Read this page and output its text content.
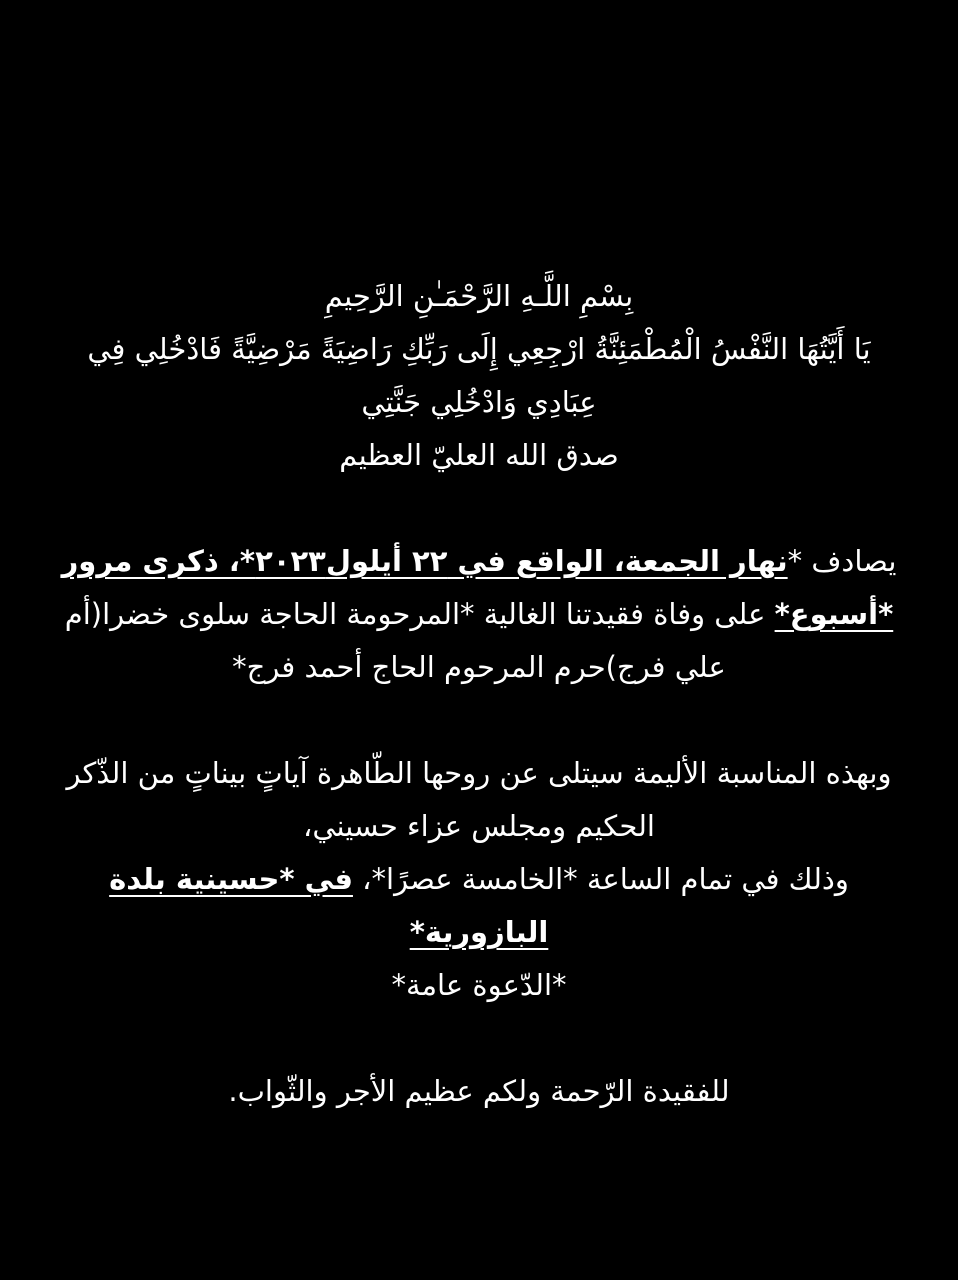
بِسْمِ اللَّـهِ الرَّحْمَـٰنِ الرَّحِيمِ
يَا أَيَّتُهَا النَّفْسُ الْمُطْمَئِنَّةُ ارْجِعِي إِلَى رَبِّكِ رَاضِيَةً مَرْضِيَّةً فَادْخُلِي فِي
عِبَادِي وَادْخُلِي جَنَّتِي
صدق الله العليّ العظيم
يصادف *نهار الجمعة، الواقع في ٢٢ أيلول٢٠٢٣*، ذكرى مرور
*أسبوع* على وفاة فقيدتنا الغالية *المرحومة الحاجة سلوى خضرا(أم
علي فرج)حرم المرحوم الحاج أحمد فرج*
وبهذه المناسبة الأليمة سيتلى عن روحها الطّاهرة آياتٍ بيناتٍ من الذّكر
الحكيم ومجلس عزاء حسيني،
وذلك في تمام الساعة *الخامسة عصرًا*، في *حسينية بلدة
البازورية*
*الدّعوة عامة*
للفقيدة الرّحمة ولكم عظيم الأجر والثّواب.
